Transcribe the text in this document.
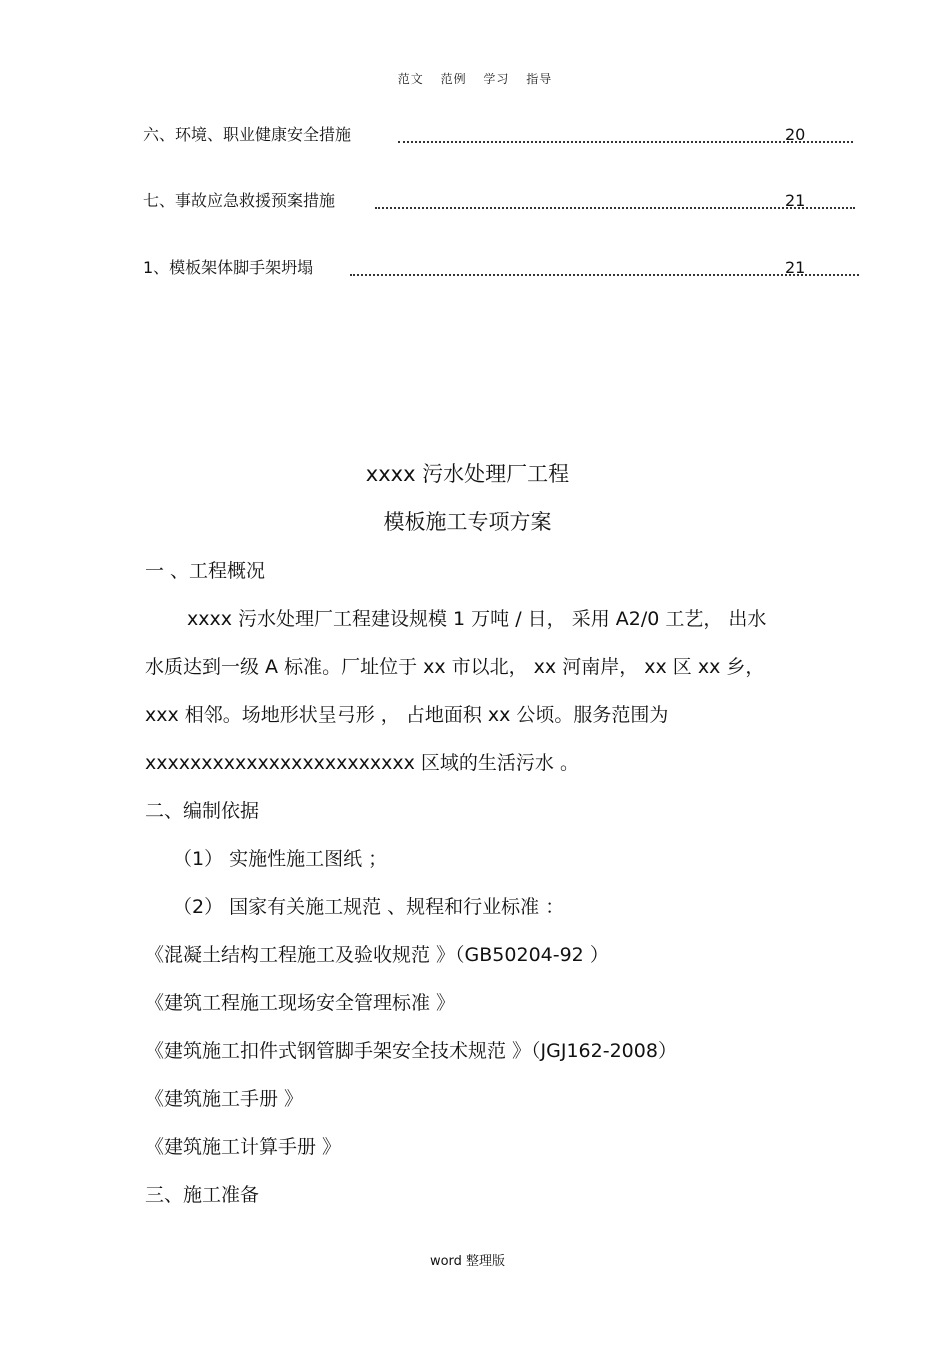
范文 范例 学习 指导
六、环境、职业健康安全措施	20
七、事故应急救援预案措施	21
1、模板架体脚手架坍塌	21
xxxx 污水处理厂工程
模板施工专项方案
一 、工程概况
xxxx 污水处理厂工程建设规模 1 万吨 / 日， 采用 A2/0 工艺， 出水
水质达到一级 A 标准。厂址位于 xx 市以北， xx 河南岸， xx 区 xx 乡，
xxx 相邻。场地形状呈弓形 ， 占地面积 xx 公顷。服务范围为
xxxxxxxxxxxxxxxxxxxxxxxx 区域的生活污水 。
二、编制依据
（1） 实施性施工图纸 ；
（2） 国家有关施工规范 、规程和行业标准 ：
《混凝土结构工程施工及验收规范 》（GB50204-92 ）
《建筑工程施工现场安全管理标准 》
《建筑施工扣件式钢管脚手架安全技术规范 》（JGJ162-2008）
《建筑施工手册 》
《建筑施工计算手册 》
三、施工准备
word 整理版
